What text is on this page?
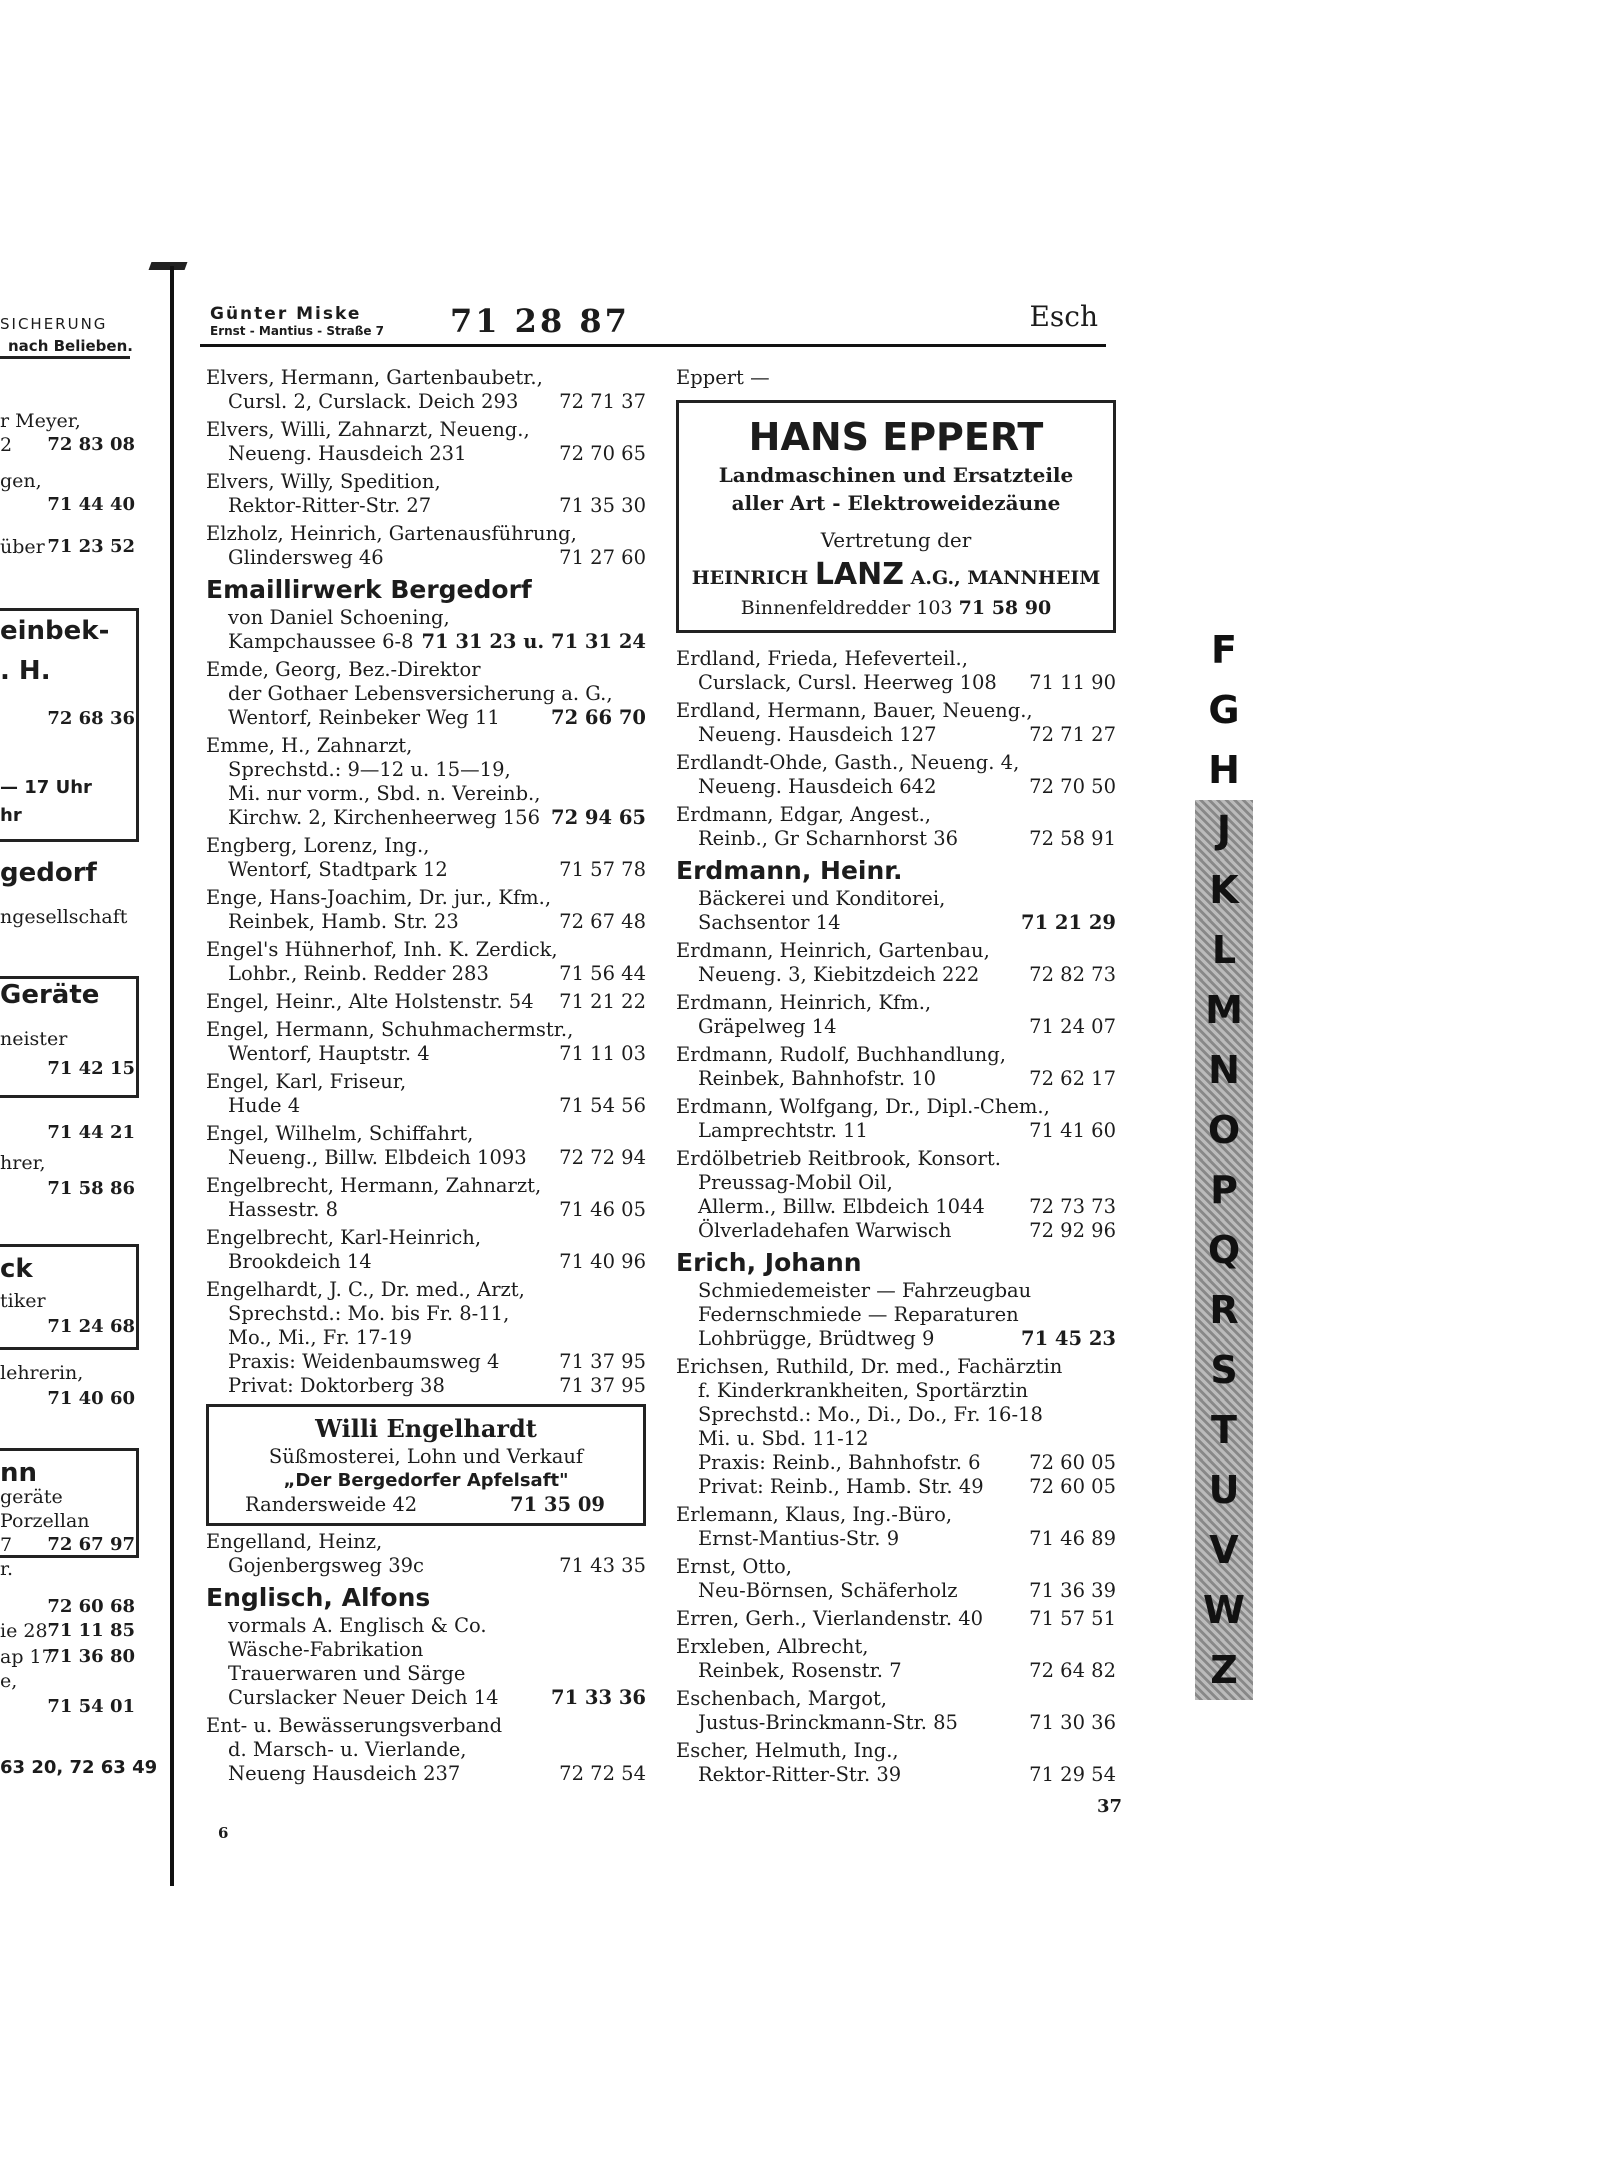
SICHERUNG
nach Belieben.
r Meyer,
2 72 83 08
gen,
71 44 40
über 71 23 52
einbek-
. H.
72 68 36
— 17 Uhr
hr
gedorf
ngesellschaft
Geräte
neister
71 42 15
71 44 21
hrer,
71 58 86
ck
tiker
71 24 68
lehrerin,
71 40 60
nn
geräte
Porzellan
7 72 67 97
r.
72 60 68
ie 28 71 11 85
ap 17
71 36 80
e,
71 54 01
63 20, 72 63 49
Günter Miske
Ernst - Mantius - Straße 7 71 28 87	Esch
Elvers, Hermann, Gartenbaubetr.,
Cursl. 2, Curslack. Deich 293 72 71 37
Elvers, Willi, Zahnarzt, Neueng.,
Neueng. Hausdeich 231	72 70 65
Elvers, Willy, Spedition,
Rektor-Ritter-Str. 27	71 35 30
Elzholz, Heinrich, Gartenausführung,
Glindersweg 46	71 27 60
Emaillirwerk Bergedorf
von Daniel Schoening,
Kampchaussee 6-8 71 31 23 u. 71 31 24
Emde, Georg, Bez.-Direktor
der Gothaer Lebensversicherung a. G.,
Wentorf, Reinbeker Weg 11	72 66 70
Emme, H., Zahnarzt,
Sprechstd.: 9—12 u. 15—19,
Mi. nur vorm., Sbd. n. Vereinb.,
Kirchw. 2, Kirchenheerweg 156 72 94 65
Engberg, Lorenz, Ing.,
Wentorf, Stadtpark 12	71 57 78
Enge, Hans-Joachim, Dr. jur., Kfm.,
Reinbek, Hamb. Str. 23	72 67 48
Engel's Hühnerhof, Inh. K. Zerdick,
Lohbr., Reinb. Redder 283	71 56 44
Engel, Heinr., Alte Holstenstr. 54 71 21 22
Engel, Hermann, Schuhmachermstr.,
Wentorf, Hauptstr. 4	71 11 03
Engel, Karl, Friseur,
Hude 4	71 54 56
Engel, Wilhelm, Schiffahrt,
Neueng., Billw. Elbdeich 1093 72 72 94
Engelbrecht, Hermann, Zahnarzt,
Hassestr. 8	71 46 05
Engelbrecht, Karl-Heinrich,
Brookdeich 14	71 40 96
Engelhardt, J. C., Dr. med., Arzt,
Sprechstd.: Mo. bis Fr. 8-11,
Mo., Mi., Fr. 17-19
Praxis: Weidenbaumsweg 4	71 37 95
Privat: Doktorberg 38	71 37 95
Willi Engelhardt
Süßmosterei, Lohn und Verkauf
„Der Bergedorfer Apfelsaft"
Randersweide 42	71 35 09
Engelland, Heinz,
Gojenbergsweg 39c	71 43 35
Englisch, Alfons
vormals A. Englisch & Co.
Wäsche-Fabrikation
Trauerwaren und Särge
Curslacker Neuer Deich 14	71 33 36
Ent- u. Bewässerungsverband
d. Marsch- u. Vierlande,
Neueng Hausdeich 237	72 72 54
Eppert —
HANS EPPERT
Landmaschinen und Ersatzteile
aller Art - Elektroweidezäune
Vertretung der
HEINRICH LANZ A.G., MANNHEIM
Binnenfeldredder 103 71 58 90
Erdland, Frieda, Hefeverteil.,
Curslack, Cursl. Heerweg 108 71 11 90
Erdland, Hermann, Bauer, Neueng.,
Neueng. Hausdeich 127	72 71 27
Erdlandt-Ohde, Gasth., Neueng. 4,
Neueng. Hausdeich 642	72 70 50
Erdmann, Edgar, Angest.,
Reinb., Gr Scharnhorst 36	72 58 91
Erdmann, Heinr.
Bäckerei und Konditorei,
Sachsentor 14	71 21 29
Erdmann, Heinrich, Gartenbau,
Neueng. 3, Kiebitzdeich 222	72 82 73
Erdmann, Heinrich, Kfm.,
Gräpelweg 14	71 24 07
Erdmann, Rudolf, Buchhandlung,
Reinbek, Bahnhofstr. 10	72 62 17
Erdmann, Wolfgang, Dr., Dipl.-Chem.,
Lamprechtstr. 11	71 41 60
Erdölbetrieb Reitbrook, Konsort.
Preussag-Mobil Oil,
Allerm., Billw. Elbdeich 1044 72 73 73
Ölverladehafen Warwisch	72 92 96
Erich, Johann
Schmiedemeister — Fahrzeugbau
Federnschmiede — Reparaturen
Lohbrügge, Brüdtweg 9	71 45 23
Erichsen, Ruthild, Dr. med., Fachärztin
f. Kinderkrankheiten, Sportärztin
Sprechstd.: Mo., Di., Do., Fr. 16-18
Mi. u. Sbd. 11-12
Praxis: Reinb., Bahnhofstr. 6 72 60 05
Privat: Reinb., Hamb. Str. 49 72 60 05
Erlemann, Klaus, Ing.-Büro,
Ernst-Mantius-Str. 9	71 46 89
Ernst, Otto,
Neu-Börnsen, Schäferholz	71 36 39
Erren, Gerh., Vierlandenstr. 40 71 57 51
Erxleben, Albrecht,
Reinbek, Rosenstr. 7	72 64 82
Eschenbach, Margot,
Justus-Brinckmann-Str. 85	71 30 36
Escher, Helmuth, Ing.,
Rektor-Ritter-Str. 39	71 29 54
F
G
H
J
K
L
M
N
O
P
Q
R
S
T
U
V
W
Z
6
37
